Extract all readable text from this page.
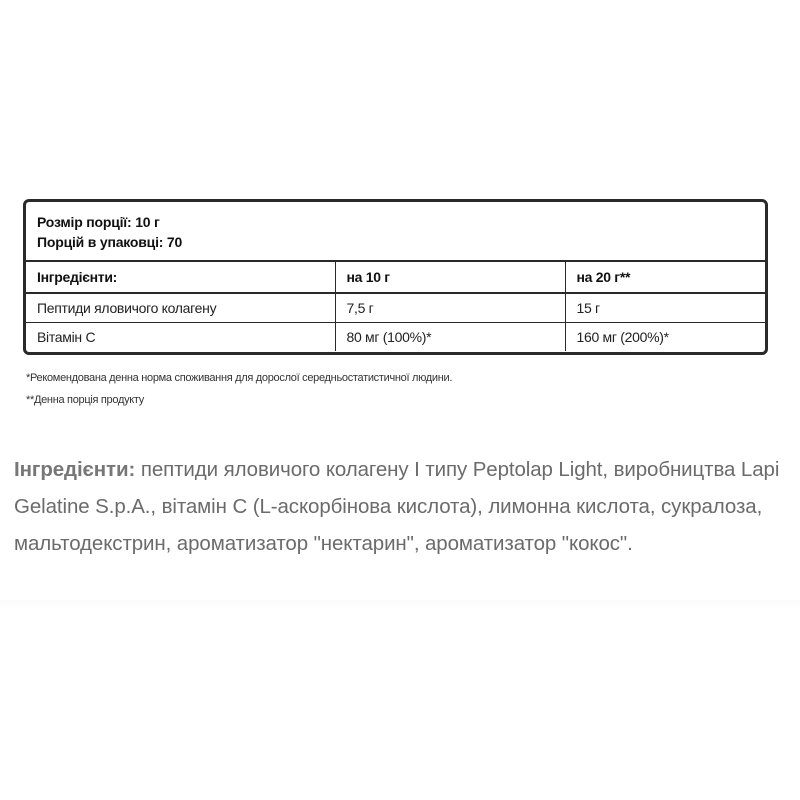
Розмір порції: 10 г
Порцій в упаковці: 70
Інгредієнти:	на 10 г	на 20 г**
Пептиди яловичого колагену	7,5 г	15 г
Вітамін С	80 мг (100%)*	160 мг (200%)*
*Рекомендована денна норма споживання для дорослої середньостатистичної людини.
**Денна порція продукту

Інгредієнти: пептиди яловичого колагену І типу Peptolap Light, виробництва Lapi Gelatine S.p.A., вітамін С (L-аскорбінова кислота), лимонна кислота, сукралоза, мальтодекстрин, ароматизатор "нектарин", ароматизатор "кокос".
